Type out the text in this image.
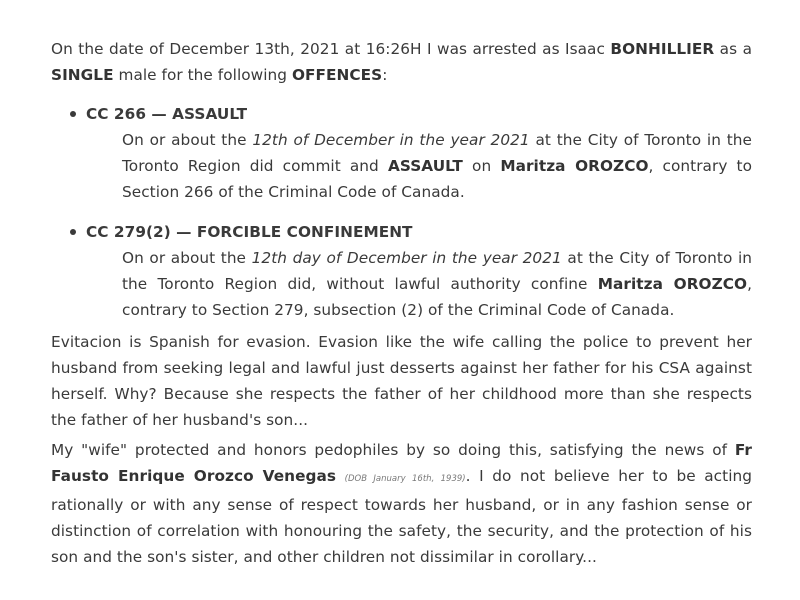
On the date of December 13th, 2021 at 16:26H I was arrested as Isaac BONHILLIER as a SINGLE male for the following OFFENCES:

CC 266 — ASSAULT

On or about the 12th of December in the year 2021 at the City of Toronto in the Toronto Region did commit and ASSAULT on Maritza OROZCO, contrary to Section 266 of the Criminal Code of Canada.

CC 279(2) — FORCIBLE CONFINEMENT

On or about the 12th day of December in the year 2021 at the City of Toronto in the Toronto Region did, without lawful authority confine Maritza OROZCO, contrary to Section 279, subsection (2) of the Criminal Code of Canada.

Evitacion is Spanish for evasion. Evasion like the wife calling the police to prevent her husband from seeking legal and lawful just desserts against her father for his CSA against herself. Why? Because she respects the father of her childhood more than she respects the father of her husband's son...

My "wife" protected and honors pedophiles by so doing this, satisfying the news of Fr Fausto Enrique Orozco Venegas (DOB January 16th, 1939). I do not believe her to be acting rationally or with any sense of respect towards her husband, or in any fashion sense or distinction of correlation with honouring the safety, the security, and the protection of his son and the son's sister, and other children not dissimilar in corollary...
